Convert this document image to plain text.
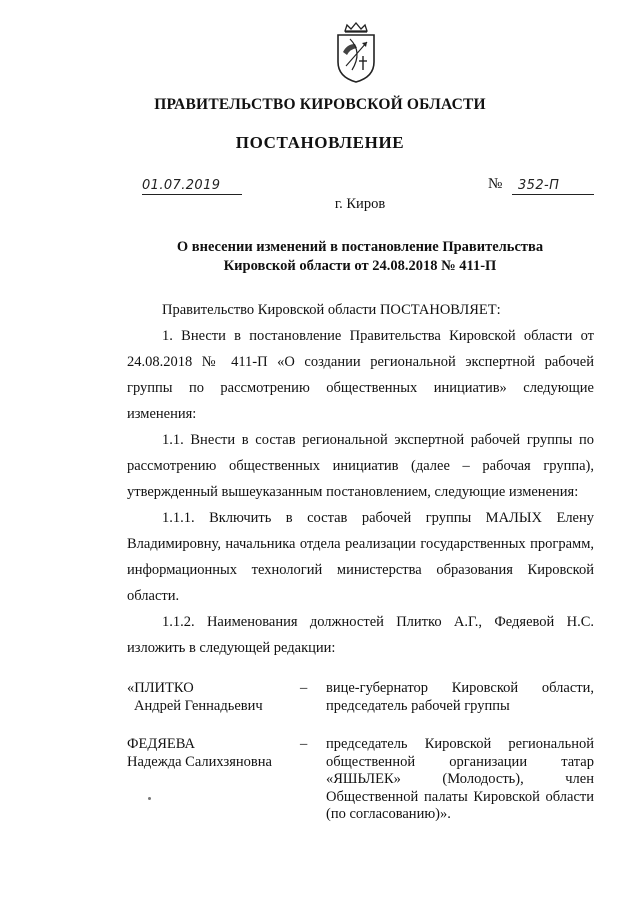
ПРАВИТЕЛЬСТВО КИРОВСКОЙ ОБЛАСТИ
ПОСТАНОВЛЕНИЕ
01.07.2019	№	352-П
г. Киров
О внесении изменений в постановление Правительства
Кировской области от 24.08.2018 № 411-П
Правительство Кировской области ПОСТАНОВЛЯЕТ:
1. Внести в постановление Правительства Кировской области от 24.08.2018 № 411-П «О создании региональной экспертной рабочей группы по рассмотрению общественных инициатив» следующие изменения:
1.1. Внести в состав региональной экспертной рабочей группы по рассмотрению общественных инициатив (далее – рабочая группа), утвержденный вышеуказанным постановлением, следующие изменения:
1.1.1. Включить в состав рабочей группы МАЛЫХ Елену Владимировну, начальника отдела реализации государственных программ, информационных технологий министерства образования Кировской области.
1.1.2. Наименования должностей Плитко А.Г., Федяевой Н.С. изложить в следующей редакции:
«ПЛИТКО
Андрей Геннадьевич
–	вице-губернатор Кировской области, председатель рабочей группы
ФЕДЯЕВА
Надежда Салихзяновна
–	председатель Кировской региональной общественной организации татар «ЯШЬЛЕК» (Молодость), член Общественной палаты Кировской области (по согласованию)».
